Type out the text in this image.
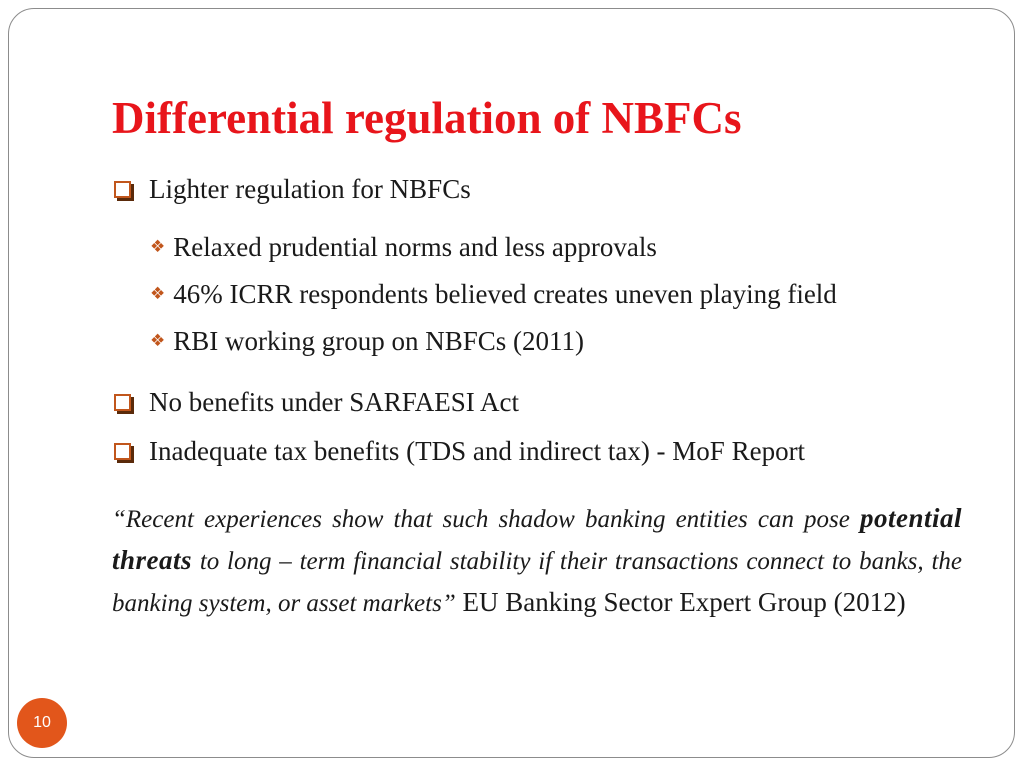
Differential regulation of NBFCs
Lighter regulation for NBFCs
❖ Relaxed prudential norms and less approvals
❖ 46% ICRR respondents believed creates uneven playing field
❖ RBI working group on NBFCs (2011)
No benefits under SARFAESI Act
Inadequate tax benefits (TDS and indirect tax) - MoF Report

“Recent experiences show that such shadow banking entities can pose potential threats to long – term financial stability if their transactions connect to banks, the banking system, or asset markets” EU Banking Sector Expert Group (2012)

10
